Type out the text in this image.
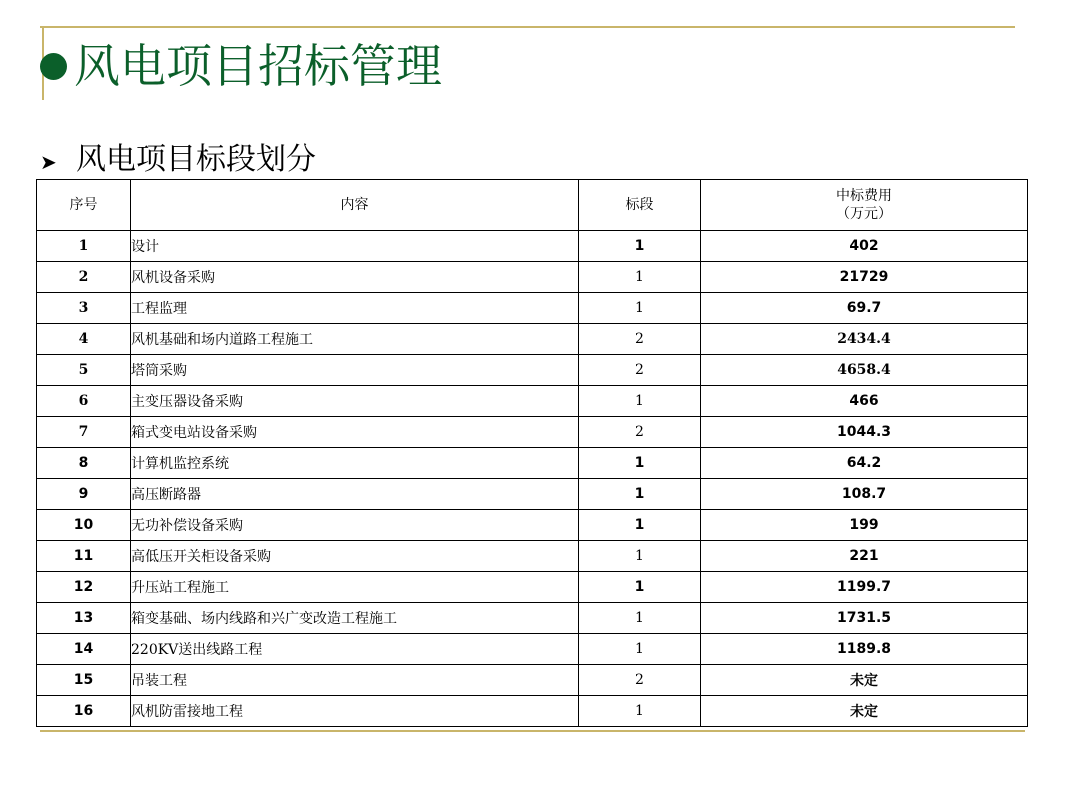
风电项目招标管理
➤ 风电项目标段划分
序号	内容	标段	中标费用
（万元）

1	设计	1	402
2	风机设备采购	1	21729
3	工程监理	1	69.7
4	风机基础和场内道路工程施工	2	2434.4
5	塔筒采购	2	4658.4
6	主变压器设备采购	1	466
7	箱式变电站设备采购	2	1044.3
8	计算机监控系统	1	64.2
9	高压断路器	1	108.7
10	无功补偿设备采购	1	199
11	高低压开关柜设备采购	1	221
12	升压站工程施工	1	1199.7
13	箱变基础、场内线路和兴广变改造工程施工	1	1731.5
14	220KV送出线路工程	1	1189.8
15	吊装工程	2	未定
16	风机防雷接地工程	1	未定
